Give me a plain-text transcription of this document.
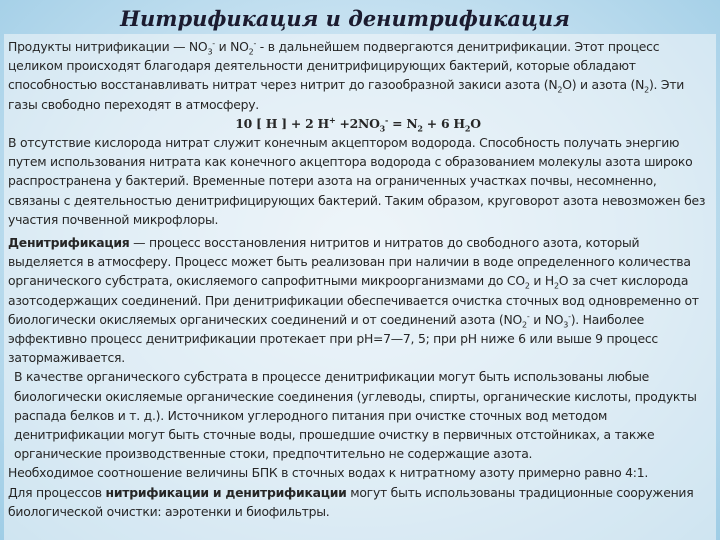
Нитрификация и денитрификация

Продукты нитрификации — $NO_3^-$ и $NO_2^-$ - в дальнейшем подвергаются денитрификации. Этот процесс целиком происходят благодаря деятельности денитрифицирующих бактерий, которые обладают способностью восстанавливать нитрат через нитрит до газообразной закиси азота $(N_2O)$ и азота $(N_2)$. Эти газы свободно переходят в атмосферу.

10 [ H ] + 2 $H^+ +2NO_3^- = N_2 + 6$ $H_2O$

В отсутствие кислорода нитрат служит конечным акцептором водорода. Способность получать энергию путем использования нитрата как конечного акцептора водорода с образованием молекулы азота широко распространена у бактерий. Временные потери азота на ограниченных участках почвы, несомненно, связаны с деятельностью денитрифицирующих бактерий. Таким образом, круговорот азота невозможен без участия почвенной микрофлоры.

Денитрификация — процесс восстановления нитритов и нитратов до свободного азота, который выделяется в атмосферу. Процесс может быть реализован при наличии в воде определенного количества органического субстрата, окисляемого сапрофитными микроорганизмами до $СО_2$ и $Н_2О$ за счет кислорода азотсодержащих соединений. При денитрификации обеспечивается очистка сточных вод одновременно от биологически окисляемых органических соединений и от соединений азота ($NO_2^-$ и $NO_3^-$). Наиболее эффективно процесс денитрификации протекает при рН=7—7, 5; при рН ниже 6 или выше 9 процесс затормаживается.

В качестве органического субстрата в процессе денитрификации могут быть использованы любые биологически окисляемые органические соединения (углеводы, спирты, органические кислоты, продукты распада белков и т. д.). Источником углеродного питания при очистке сточных вод методом денитрификации могут быть сточные воды, прошедшие очистку в первичных отстойниках, а также органические производственные стоки, предпочтительно не содержащие азота.

Необходимое соотношение величины БПК в сточных водах к нитратному азоту примерно равно 4:1.

Для процессов нитрификации и денитрификации могут быть использованы традиционные сооружения биологической очистки: аэротенки и биофильтры.
